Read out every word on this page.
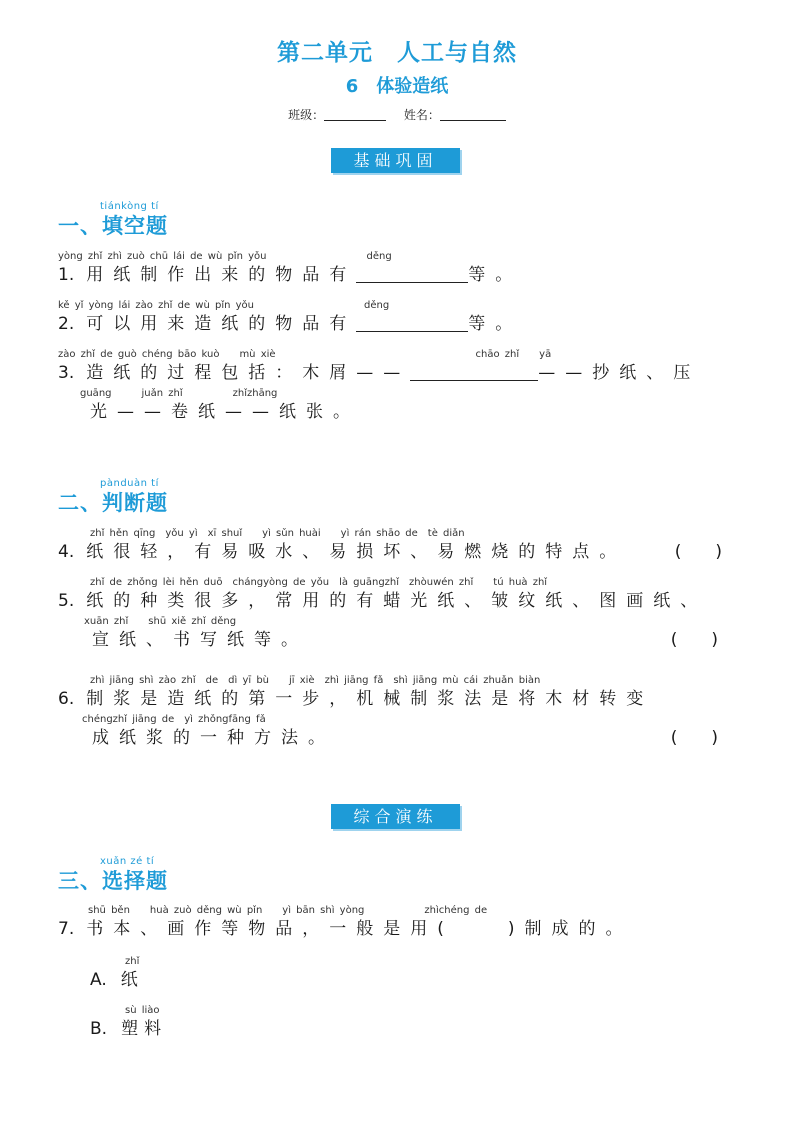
第二单元　人工与自然
6　体验造纸
班级：	姓名：
基础巩固
tiánkòng tí
一、填空题
yòng zhǐ zhì zuò chū lái de wù pǐn yǒu　　　　　　　　　　děng
1. 用纸制作出来的物品有	等。
kě yǐ yòng lái zào zhǐ de wù pǐn yǒu　　　　　　　　　　　děng
2. 可以用来造纸的物品有	等。
zào zhǐ de guò chéng bāo kuò　　mù xiè　　　　　　　　　　　　　　　　　　　　chāo zhǐ　　yā
3. 造纸的过程包括：木屑——	——抄纸、压
guāng　　　juǎn zhǐ　　　　　zhǐzhāng
光——卷纸——纸张。
pànduàn tí
二、判断题
zhǐ hěn qīng　yǒu yì　xī shuǐ　　yì sǔn huài　　yì rán shāo de　tè diǎn
4. 纸很轻，有易吸水、易损坏、易燃烧的特点。	(　　)
zhǐ de zhǒng lèi hěn duō　chángyòng de yǒu　là guāngzhǐ　zhòuwén zhǐ　　tú huà zhǐ
5. 纸的种类很多，常用的有蜡光纸、皱纹纸、图画纸、
xuān zhǐ　　shū xiě zhǐ děng
宣纸、书写纸等。	(　　)
zhì jiāng shì zào zhǐ　de　dì yī bù　　jī xiè　zhì jiāng fǎ　shì jiāng mù cái zhuǎn biàn
6. 制浆是造纸的第一步，机械制浆法是将木材转变
chéngzhǐ jiāng de　yì zhǒngfāng fǎ
成纸浆的一种方法。	(　　)
综合演练
xuǎn zé tí
三、选择题
shū běn　　huà zuò děng wù pǐn　　yì bān shì yòng　　　　　　zhìchéng de
7. 书本、画作等物品，一般是用(　　)制成的。
zhǐ
A. 纸
sù liào
B. 塑料
